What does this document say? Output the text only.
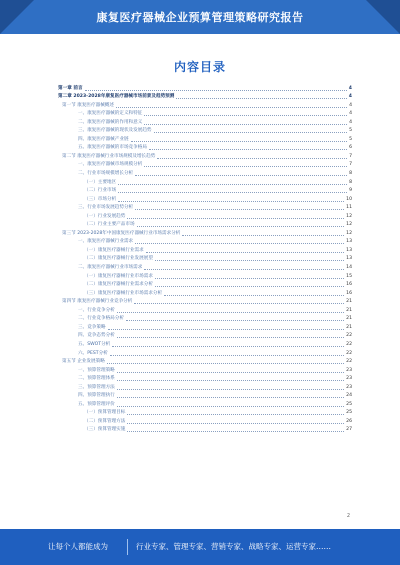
康复医疗器械企业预算管理策略研究报告
内容目录
第一章 前言	4
第二章 2023-2028年康复医疗器械市场前景及趋势预测	4
第一节 康复医疗器械概述	4
一、康复医疗器械的定义和特征	4
二、康复医疗器械的作用和意义	4
三、康复医疗器械的现状及发展趋势	5
四、康复医疗器械产业链	5
五、康复医疗器械的市场竞争格局	6
第二节 康复医疗器械行业市场规模及增长趋势	7
一、康复医疗器械市场规模分析	7
二、行业市场规模增长分析	8
（一）主要地区	8
（二）行业市场	9
（三）市场分析	10
三、行业市场发展趋势分析	11
（一）行业发展趋势	12
（二）行业主要产品市场	12
第三节 2023-2028年中国康复医疗器械行业市场需求分析	12
一、康复医疗器械行业需求	13
（一）康复医疗器械行业需求	13
（二）康复医疗器械行业发展展望	13
二、康复医疗器械行业市场需求	14
（一）康复医疗器械行业市场需求	15
（二）康复医疗器械行业需求分析	16
（三）康复医疗器械行业市场需求分析	16
第四节 康复医疗器械行业竞争分析	21
一、行业竞争分析	21
二、行业竞争格局分析	21
三、竞争策略	21
四、竞争态势分析	22
五、SWOT分析	22
六、PEST分析	22
第五节 企业发展策略	22
一、预算管理策略	23
二、预算管理体系	23
三、预算管理方法	23
四、预算管理执行	24
五、预算管理评价	25
（一）预算管理目标	25
（二）预算管理方法	26
（三）预算管理实施	27
2
让每个人都能成为	行业专家、管理专家、营销专家、战略专家、运营专家……
